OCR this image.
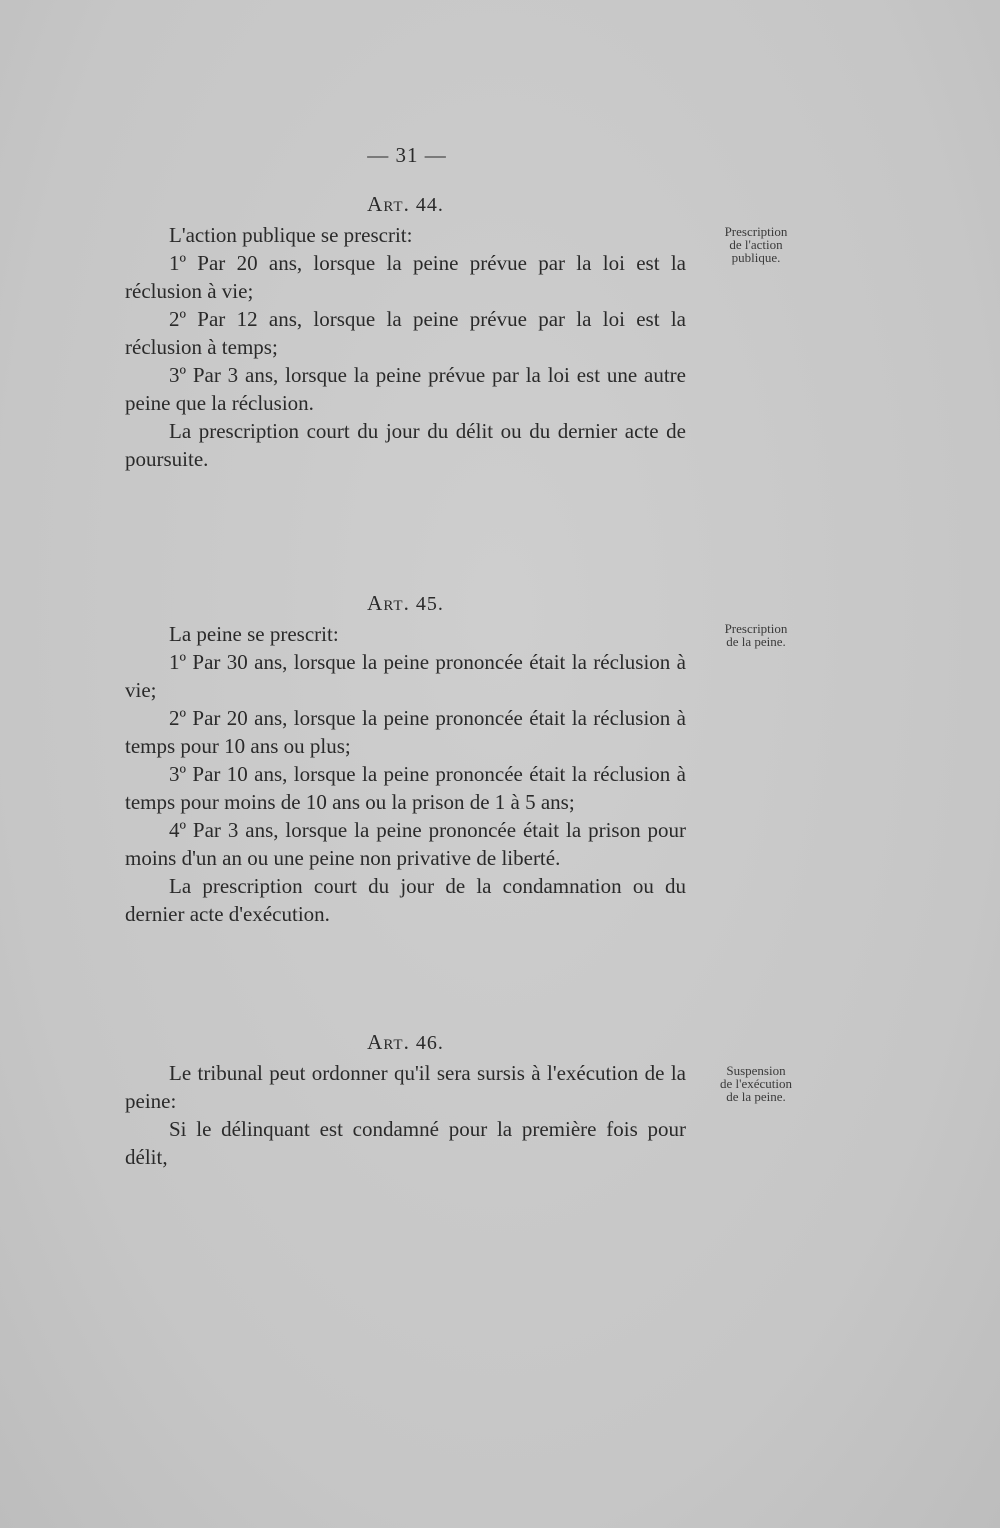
— 31 —
Art. 44.

L'action publique se prescrit:

1º Par 20 ans, lorsque la peine prévue par la loi est la réclusion à vie;

2º Par 12 ans, lorsque la peine prévue par la loi est la réclusion à temps;

3º Par 3 ans, lorsque la peine prévue par la loi est une autre peine que la réclusion.

La prescription court du jour du délit ou du dernier acte de poursuite.

Prescription
de l'action
publique.
Art. 45.

La peine se prescrit:

1º Par 30 ans, lorsque la peine prononcée était la réclusion à vie;

2º Par 20 ans, lorsque la peine prononcée était la réclusion à temps pour 10 ans ou plus;

3º Par 10 ans, lorsque la peine prononcée était la réclusion à temps pour moins de 10 ans ou la prison de 1 à 5 ans;

4º Par 3 ans, lorsque la peine prononcée était la prison pour moins d'un an ou une peine non privative de liberté.

La prescription court du jour de la condamnation ou du dernier acte d'exécution.

Prescription
de la peine.
Art. 46.

Le tribunal peut ordonner qu'il sera sursis à l'exécution de la peine:

Si le délinquant est condamné pour la première fois pour délit,

Suspension
de l'exécution
de la peine.
